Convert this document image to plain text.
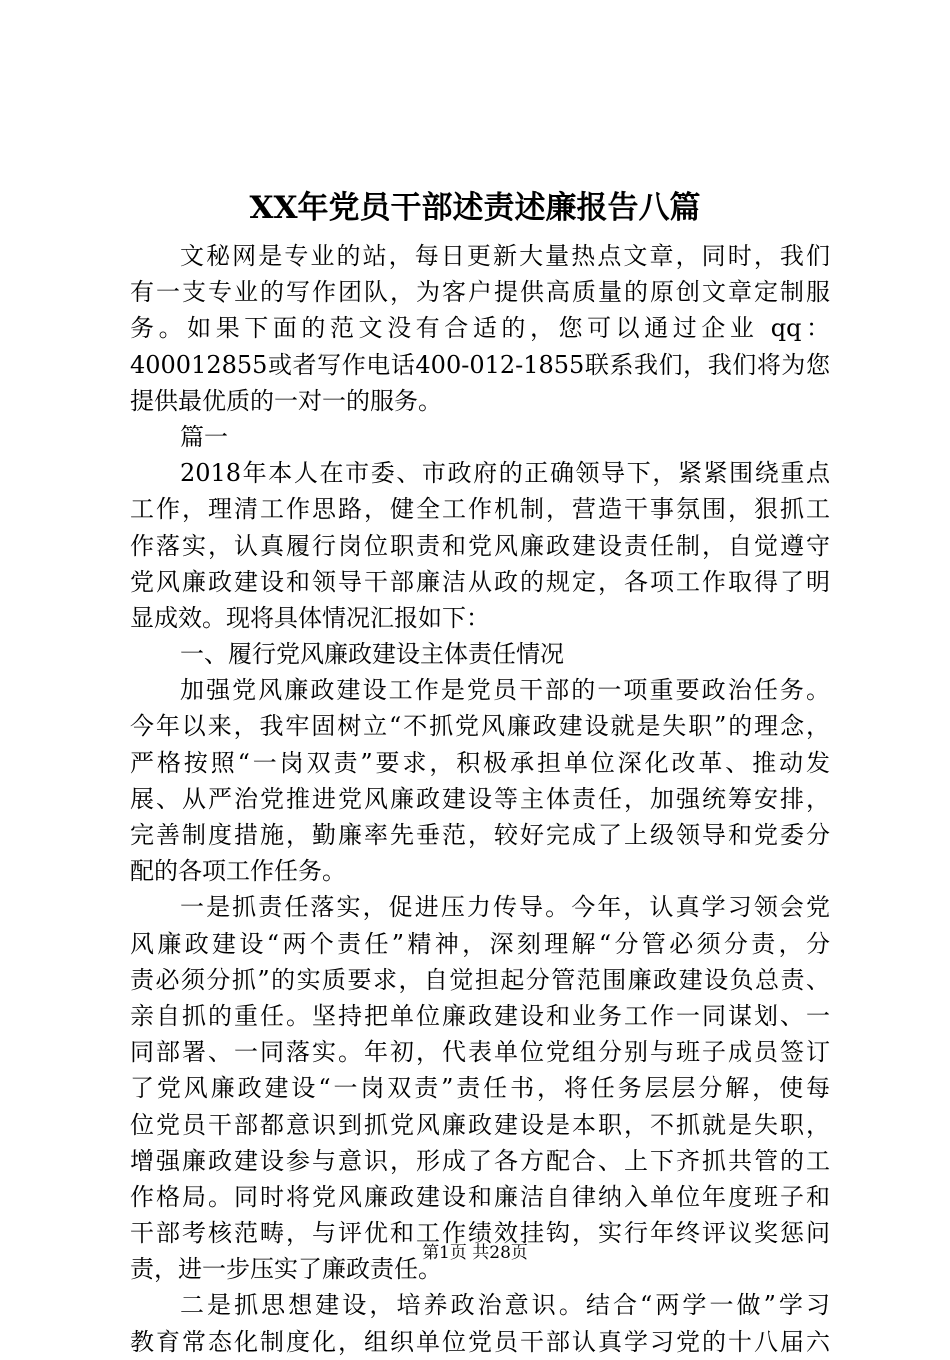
XX年党员干部述责述廉报告八篇
文秘网是专业的站，每日更新大量热点文章，同时，我们
有一支专业的写作团队，为客户提供高质量的原创文章定制服
务。如果下面的范文没有合适的，您可以通过企业 qq：
400012855或者写作电话400-012-1855联系我们，我们将为您
提供最优质的一对一的服务。
篇一
2018年本人在市委、市政府的正确领导下，紧紧围绕重点
工作，理清工作思路，健全工作机制，营造干事氛围，狠抓工
作落实，认真履行岗位职责和党风廉政建设责任制，自觉遵守
党风廉政建设和领导干部廉洁从政的规定，各项工作取得了明
显成效。现将具体情况汇报如下：
一、履行党风廉政建设主体责任情况
加强党风廉政建设工作是党员干部的一项重要政治任务。
今年以来，我牢固树立“不抓党风廉政建设就是失职”的理念，
严格按照“一岗双责”要求，积极承担单位深化改革、推动发
展、从严治党推进党风廉政建设等主体责任，加强统筹安排，
完善制度措施，勤廉率先垂范，较好完成了上级领导和党委分
配的各项工作任务。
一是抓责任落实，促进压力传导。今年，认真学习领会党
风廉政建设“两个责任”精神，深刻理解“分管必须分责，分
责必须分抓”的实质要求，自觉担起分管范围廉政建设负总责、
亲自抓的重任。坚持把单位廉政建设和业务工作一同谋划、一
同部署、一同落实。年初，代表单位党组分别与班子成员签订
了党风廉政建设“一岗双责”责任书，将任务层层分解，使每
位党员干部都意识到抓党风廉政建设是本职，不抓就是失职，
增强廉政建设参与意识，形成了各方配合、上下齐抓共管的工
作格局。同时将党风廉政建设和廉洁自律纳入单位年度班子和
干部考核范畴，与评优和工作绩效挂钩，实行年终评议奖惩问
责，进一步压实了廉政责任。
二是抓思想建设，培养政治意识。结合“两学一做”学习
教育常态化制度化，组织单位党员干部认真学习党的十八届六
第1页 共28页
